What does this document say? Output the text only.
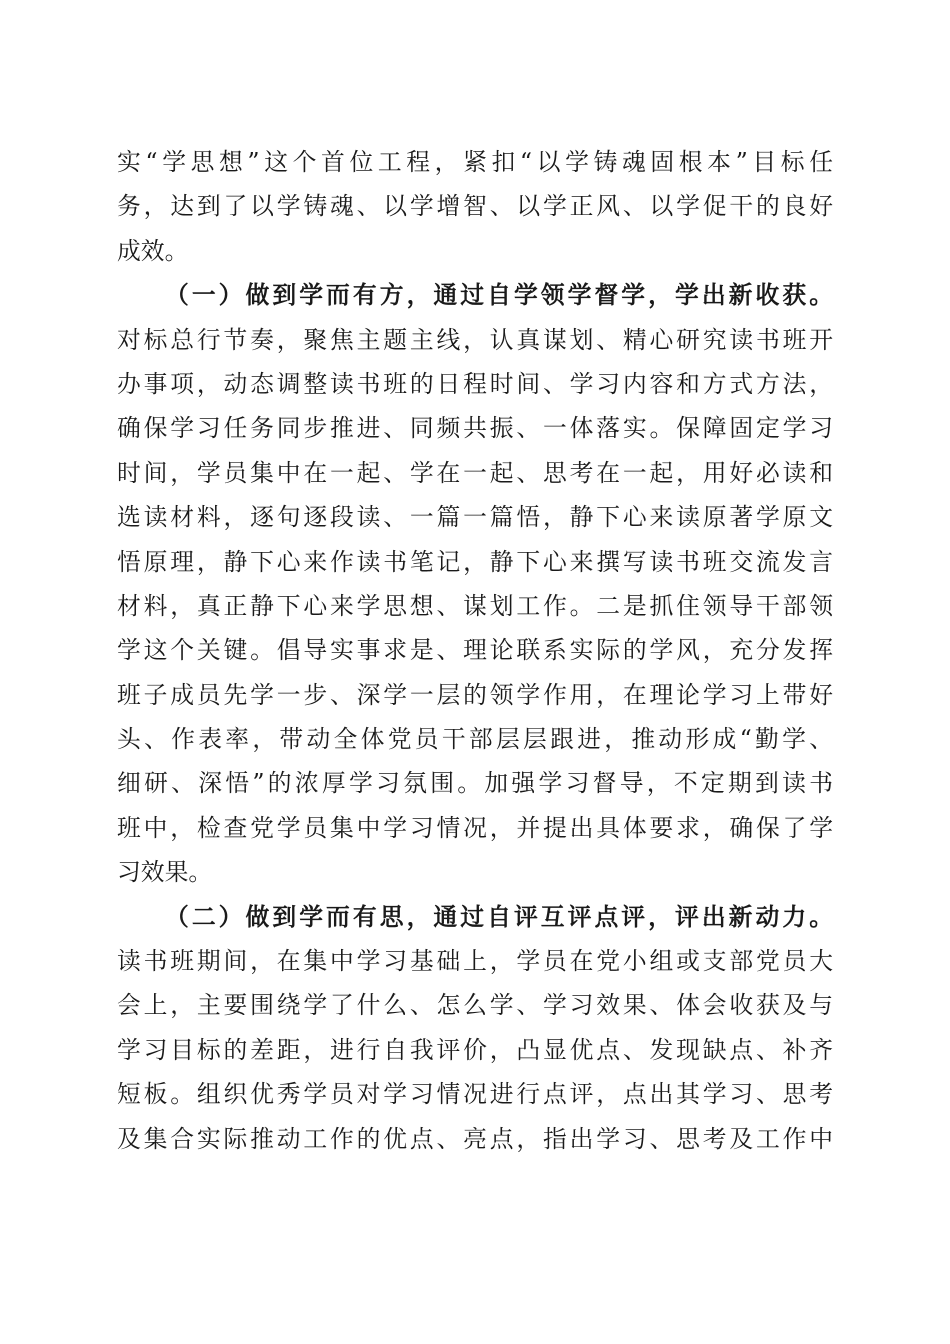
实“学思想”这个首位工程，紧扣“以学铸魂固根本”目标任
务，达到了以学铸魂、以学增智、以学正风、以学促干的良好
成效。
（一）做到学而有方，通过自学领学督学，学出新收获。
对标总行节奏，聚焦主题主线，认真谋划、精心研究读书班开
办事项，动态调整读书班的日程时间、学习内容和方式方法，
确保学习任务同步推进、同频共振、一体落实。保障固定学习
时间，学员集中在一起、学在一起、思考在一起，用好必读和
选读材料，逐句逐段读、一篇一篇悟，静下心来读原著学原文
悟原理，静下心来作读书笔记，静下心来撰写读书班交流发言
材料，真正静下心来学思想、谋划工作。二是抓住领导干部领
学这个关键。倡导实事求是、理论联系实际的学风，充分发挥
班子成员先学一步、深学一层的领学作用，在理论学习上带好
头、作表率，带动全体党员干部层层跟进，推动形成“勤学、
细研、深悟”的浓厚学习氛围。加强学习督导，不定期到读书
班中，检查党学员集中学习情况，并提出具体要求，确保了学
习效果。
（二）做到学而有思，通过自评互评点评，评出新动力。
读书班期间，在集中学习基础上，学员在党小组或支部党员大
会上，主要围绕学了什么、怎么学、学习效果、体会收获及与
学习目标的差距，进行自我评价，凸显优点、发现缺点、补齐
短板。组织优秀学员对学习情况进行点评，点出其学习、思考
及集合实际推动工作的优点、亮点，指出学习、思考及工作中
